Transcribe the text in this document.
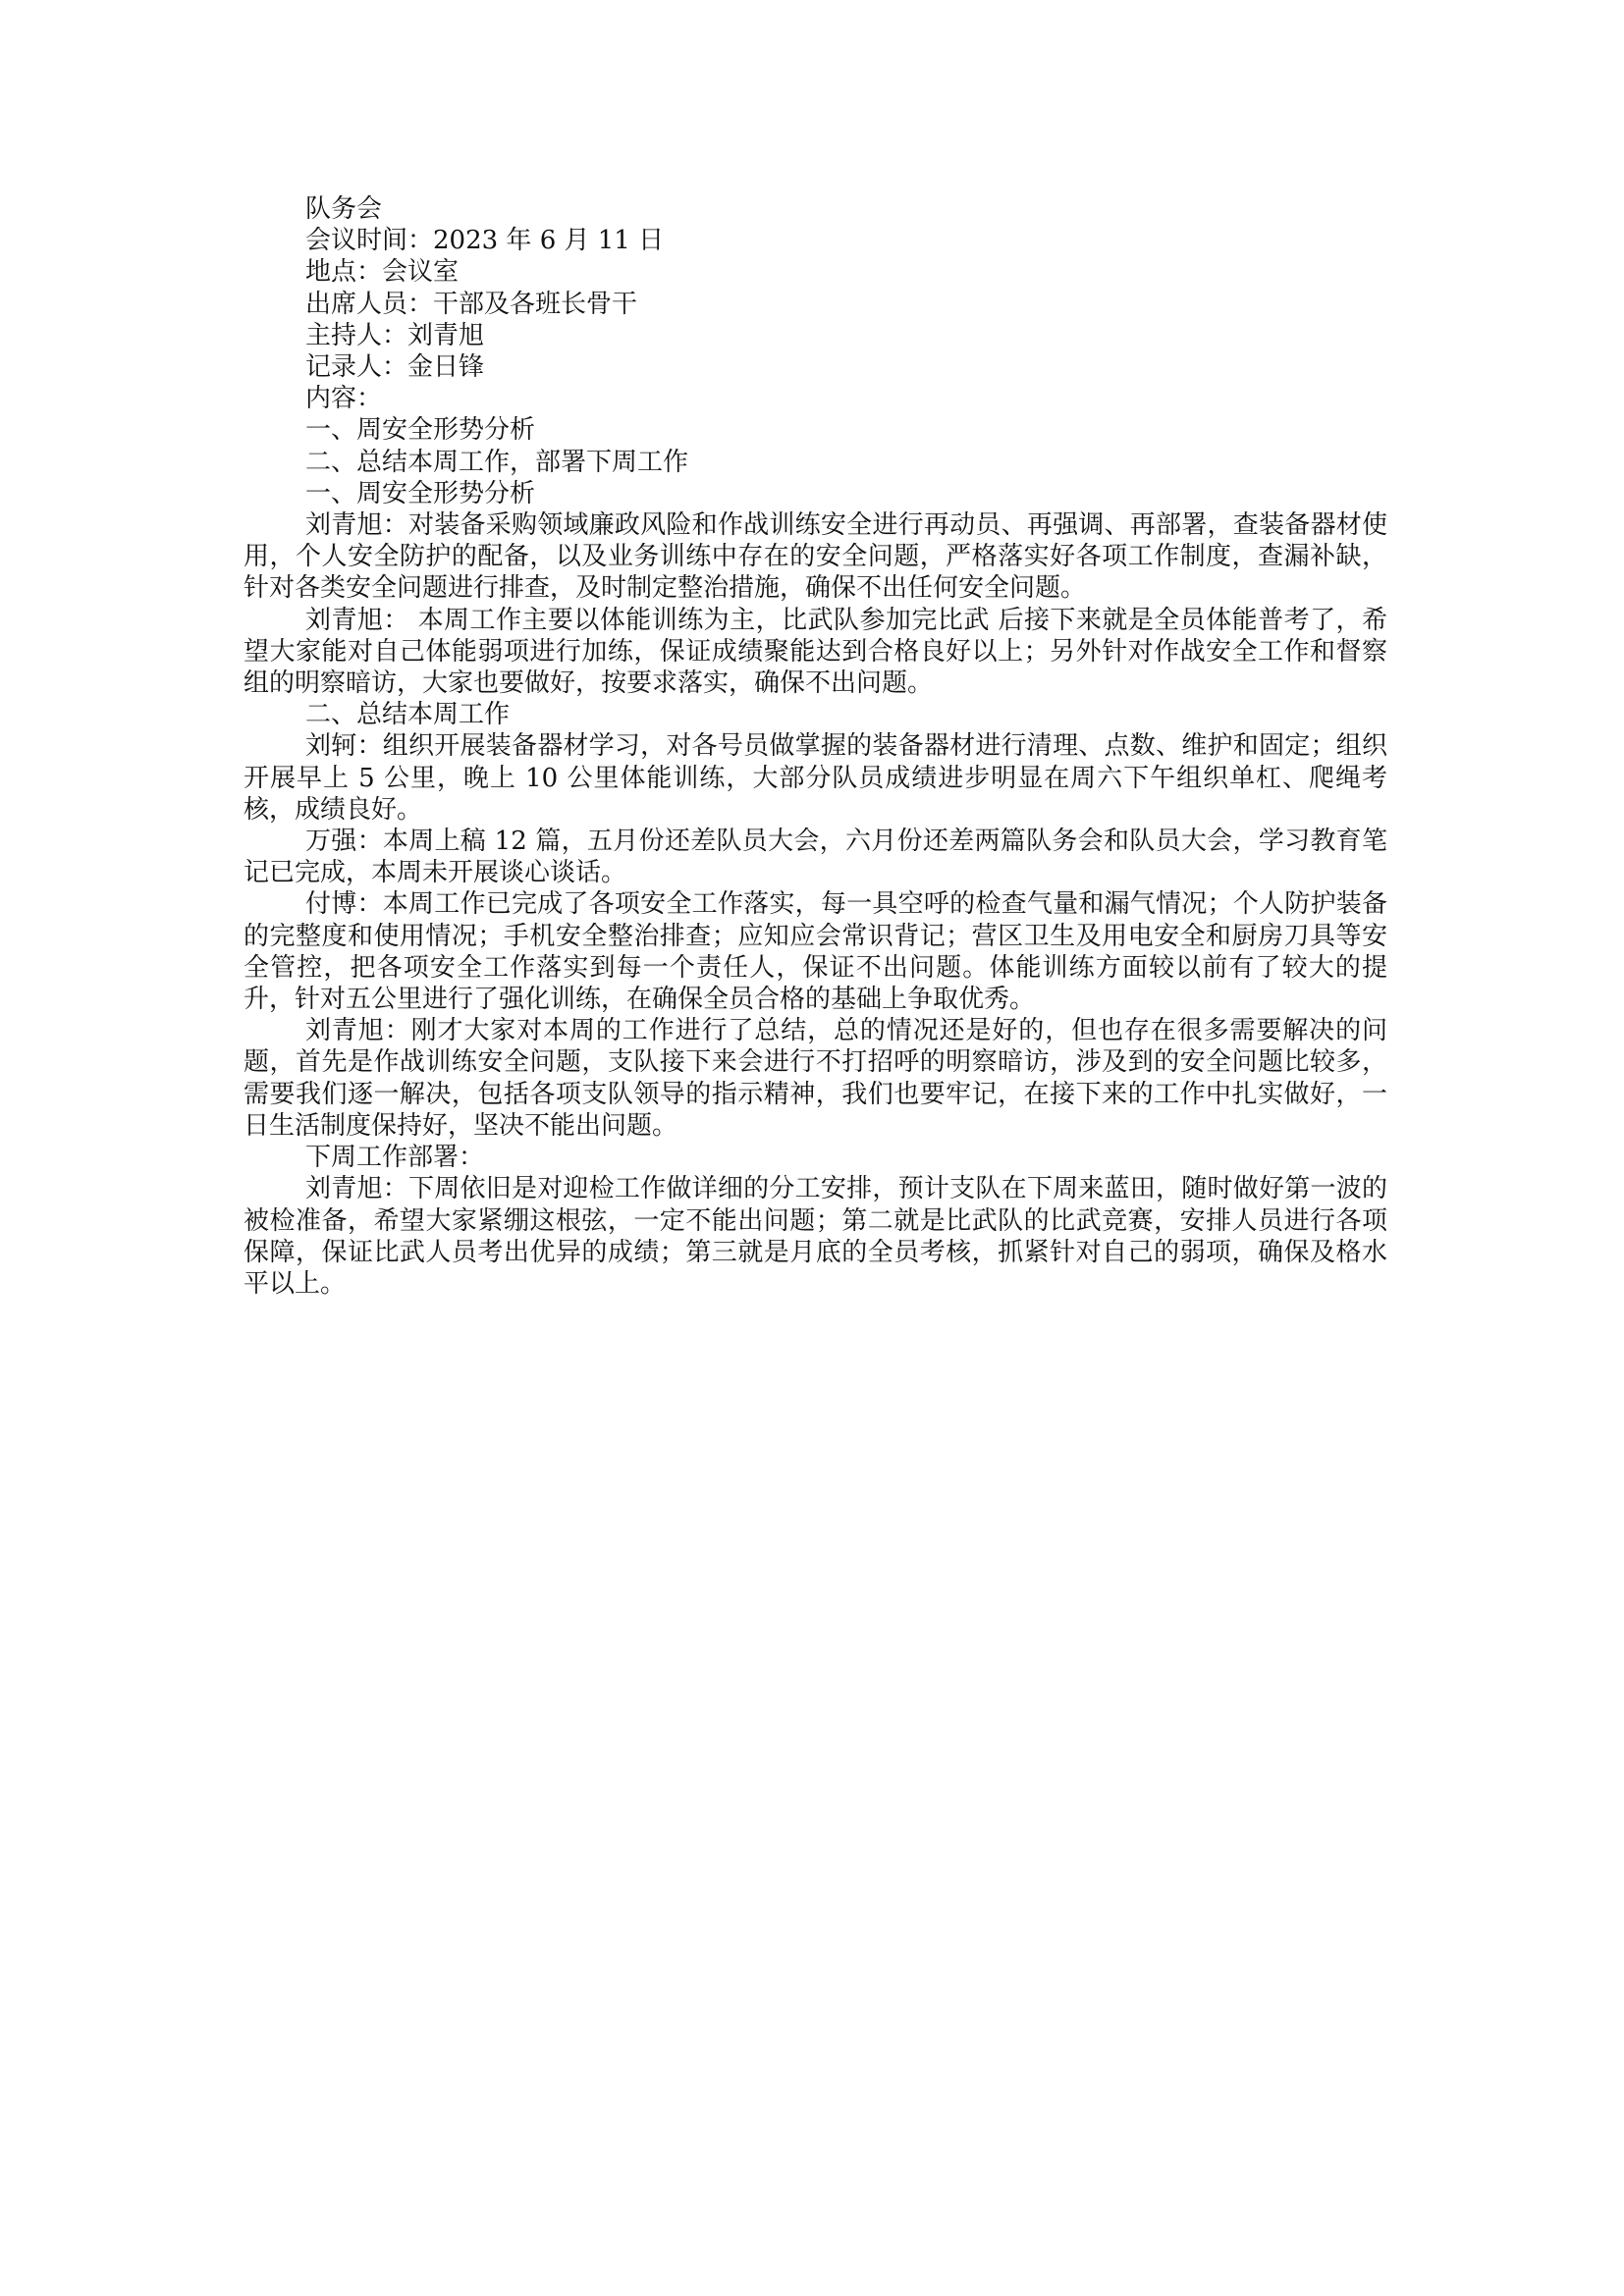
队务会

会议时间：2023 年 6 月 11 日

地点：会议室

出席人员：干部及各班长骨干

主持人：刘青旭

记录人：金日锋

内容：

一、周安全形势分析

二、总结本周工作，部署下周工作

一、周安全形势分析

刘青旭：对装备采购领域廉政风险和作战训练安全进行再动员、再强调、再部署，查装备器材使用，个人安全防护的配备，以及业务训练中存在的安全问题，严格落实好各项工作制度，查漏补缺，针对各类安全问题进行排查，及时制定整治措施，确保不出任何安全问题。

刘青旭： 本周工作主要以体能训练为主，比武队参加完比武 后接下来就是全员体能普考了，希望大家能对自己体能弱项进行加练，保证成绩聚能达到合格良好以上；另外针对作战安全工作和督察组的明察暗访，大家也要做好，按要求落实，确保不出问题。

二、总结本周工作

刘轲：组织开展装备器材学习，对各号员做掌握的装备器材进行清理、点数、维护和固定；组织开展早上 5 公里，晚上 10 公里体能训练，大部分队员成绩进步明显在周六下午组织单杠、爬绳考核，成绩良好。

万强：本周上稿 12 篇，五月份还差队员大会，六月份还差两篇队务会和队员大会，学习教育笔记已完成，本周未开展谈心谈话。

付博：本周工作已完成了各项安全工作落实，每一具空呼的检查气量和漏气情况；个人防护装备的完整度和使用情况；手机安全整治排查；应知应会常识背记；营区卫生及用电安全和厨房刀具等安全管控，把各项安全工作落实到每一个责任人，保证不出问题。体能训练方面较以前有了较大的提升，针对五公里进行了强化训练，在确保全员合格的基础上争取优秀。

刘青旭：刚才大家对本周的工作进行了总结，总的情况还是好的，但也存在很多需要解决的问题，首先是作战训练安全问题，支队接下来会进行不打招呼的明察暗访，涉及到的安全问题比较多，需要我们逐一解决，包括各项支队领导的指示精神，我们也要牢记，在接下来的工作中扎实做好，一日生活制度保持好，坚决不能出问题。

下周工作部署：

刘青旭：下周依旧是对迎检工作做详细的分工安排，预计支队在下周来蓝田，随时做好第一波的被检准备，希望大家紧绷这根弦，一定不能出问题；第二就是比武队的比武竞赛，安排人员进行各项保障，保证比武人员考出优异的成绩；第三就是月底的全员考核，抓紧针对自己的弱项，确保及格水平以上。
